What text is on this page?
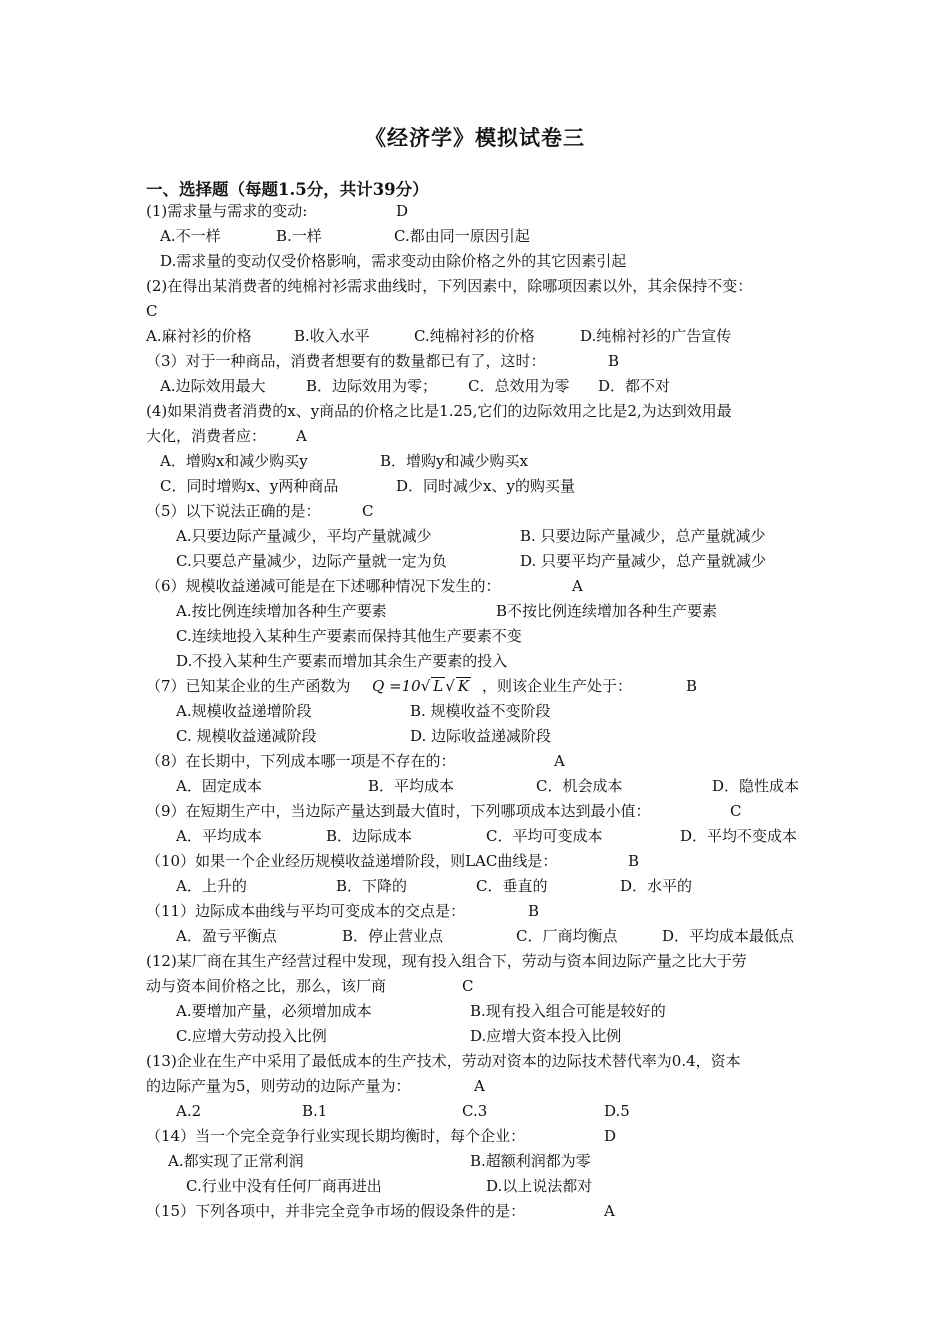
《经济学》模拟试卷三
一、选择题（每题1.5分，共计39分）
(1)需求量与需求的变动:	D
A.不一样	B.一样	C.都由同一原因引起
D.需求量的变动仅受价格影响，需求变动由除价格之外的其它因素引起
(2)在得出某消费者的纯棉衬衫需求曲线时，下列因素中，除哪项因素以外，其余保持不变：
C
A.麻衬衫的价格	B.收入水平	C.纯棉衬衫的价格	D.纯棉衬衫的广告宣传
（3）对于一种商品，消费者想要有的数量都已有了，这时：	B
A.边际效用最大	B．边际效用为零； C．总效用为零 D．都不对
(4)如果消费者消费的x、y商品的价格之比是1.25,它们的边际效用之比是2,为达到效用最
大化，消费者应： A
A．增购x和减少购买y	B．增购y和减少购买x
C．同时增购x、y两种商品	D．同时减少x、y的购买量
（5）以下说法正确的是：	C
A.只要边际产量减少，平均产量就减少	B. 只要边际产量减少，总产量就减少
C.只要总产量减少，边际产量就一定为负	D. 只要平均产量减少，总产量就减少
（6）规模收益递减可能是在下述哪种情况下发生的：	A
A.按比例连续增加各种生产要素	B不按比例连续增加各种生产要素
C.连续地投入某种生产要素而保持其他生产要素不变
D.不投入某种生产要素而增加其余生产要素的投入
（7）已知某企业的生产函数为 Q =10√ L √ K ，则该企业生产处于：	B
A.规模收益递增阶段	B. 规模收益不变阶段
C. 规模收益递减阶段	D. 边际收益递减阶段
（8）在长期中，下列成本哪一项是不存在的：	A
A．固定成本	B．平均成本	C．机会成本	D．隐性成本
（9）在短期生产中，当边际产量达到最大值时，下列哪项成本达到最小值：	C
A．平均成本	B．边际成本	C．平均可变成本	D．平均不变成本
（10）如果一个企业经历规模收益递增阶段，则LAC曲线是：	B
A．上升的	B．下降的	C．垂直的	D．水平的
（11）边际成本曲线与平均可变成本的交点是：	B
A．盈亏平衡点	B．停止营业点	C．厂商均衡点	D．平均成本最低点
(12)某厂商在其生产经营过程中发现，现有投入组合下，劳动与资本间边际产量之比大于劳
动与资本间价格之比，那么，该厂商	C
A.要增加产量，必须增加成本	B.现有投入组合可能是较好的
C.应增大劳动投入比例	D.应增大资本投入比例
(13)企业在生产中采用了最低成本的生产技术，劳动对资本的边际技术替代率为0.4，资本
的边际产量为5，则劳动的边际产量为：	A
A.2	B.1	C.3	D.5
（14）当一个完全竞争行业实现长期均衡时，每个企业：	D
A.都实现了正常利润	B.超额利润都为零
C.行业中没有任何厂商再进出	D.以上说法都对
（15）下列各项中，并非完全竞争市场的假设条件的是：	A
